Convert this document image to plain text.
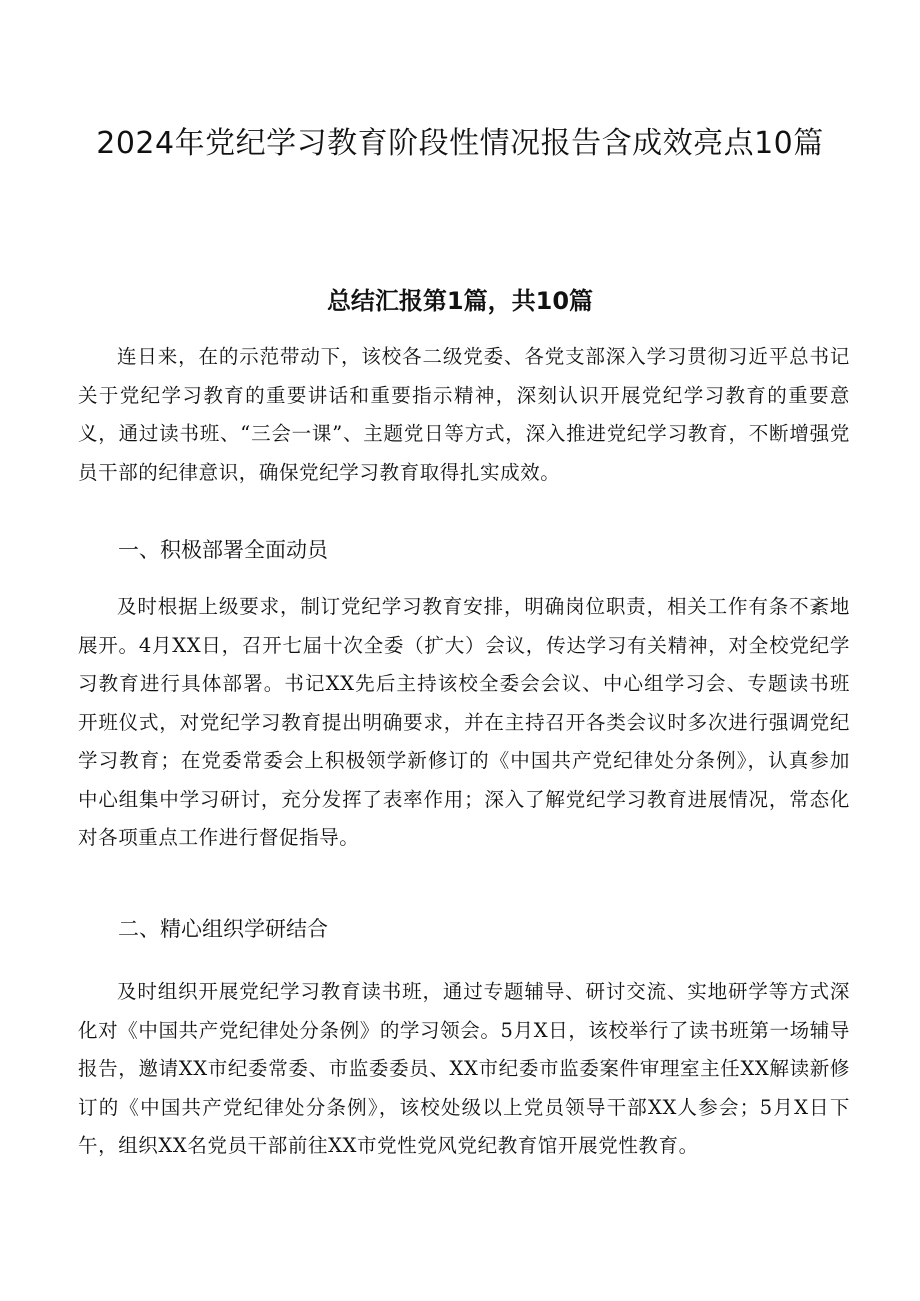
2024年党纪学习教育阶段性情况报告含成效亮点10篇
总结汇报第1篇，共10篇

连日来，在的示范带动下，该校各二级党委、各党支部深入学习贯彻习近平总书记关于党纪学习教育的重要讲话和重要指示精神，深刻认识开展党纪学习教育的重要意义，通过读书班、“三会一课”、主题党日等方式，深入推进党纪学习教育，不断增强党员干部的纪律意识，确保党纪学习教育取得扎实成效。

一、积极部署全面动员

及时根据上级要求，制订党纪学习教育安排，明确岗位职责，相关工作有条不紊地展开。4月XX日，召开七届十次全委（扩大）会议，传达学习有关精神，对全校党纪学习教育进行具体部署。书记XX先后主持该校全委会会议、中心组学习会、专题读书班开班仪式，对党纪学习教育提出明确要求，并在主持召开各类会议时多次进行强调党纪学习教育；在党委常委会上积极领学新修订的《中国共产党纪律处分条例》，认真参加中心组集中学习研讨，充分发挥了表率作用；深入了解党纪学习教育进展情况，常态化对各项重点工作进行督促指导。

二、精心组织学研结合

及时组织开展党纪学习教育读书班，通过专题辅导、研讨交流、实地研学等方式深化对《中国共产党纪律处分条例》的学习领会。5月X日，该校举行了读书班第一场辅导报告，邀请XX市纪委常委、市监委委员、XX市纪委市监委案件审理室主任XX解读新修订的《中国共产党纪律处分条例》，该校处级以上党员领导干部XX人参会；5月X日下午，组织XX名党员干部前往XX市党性党风党纪教育馆开展党性教育。
